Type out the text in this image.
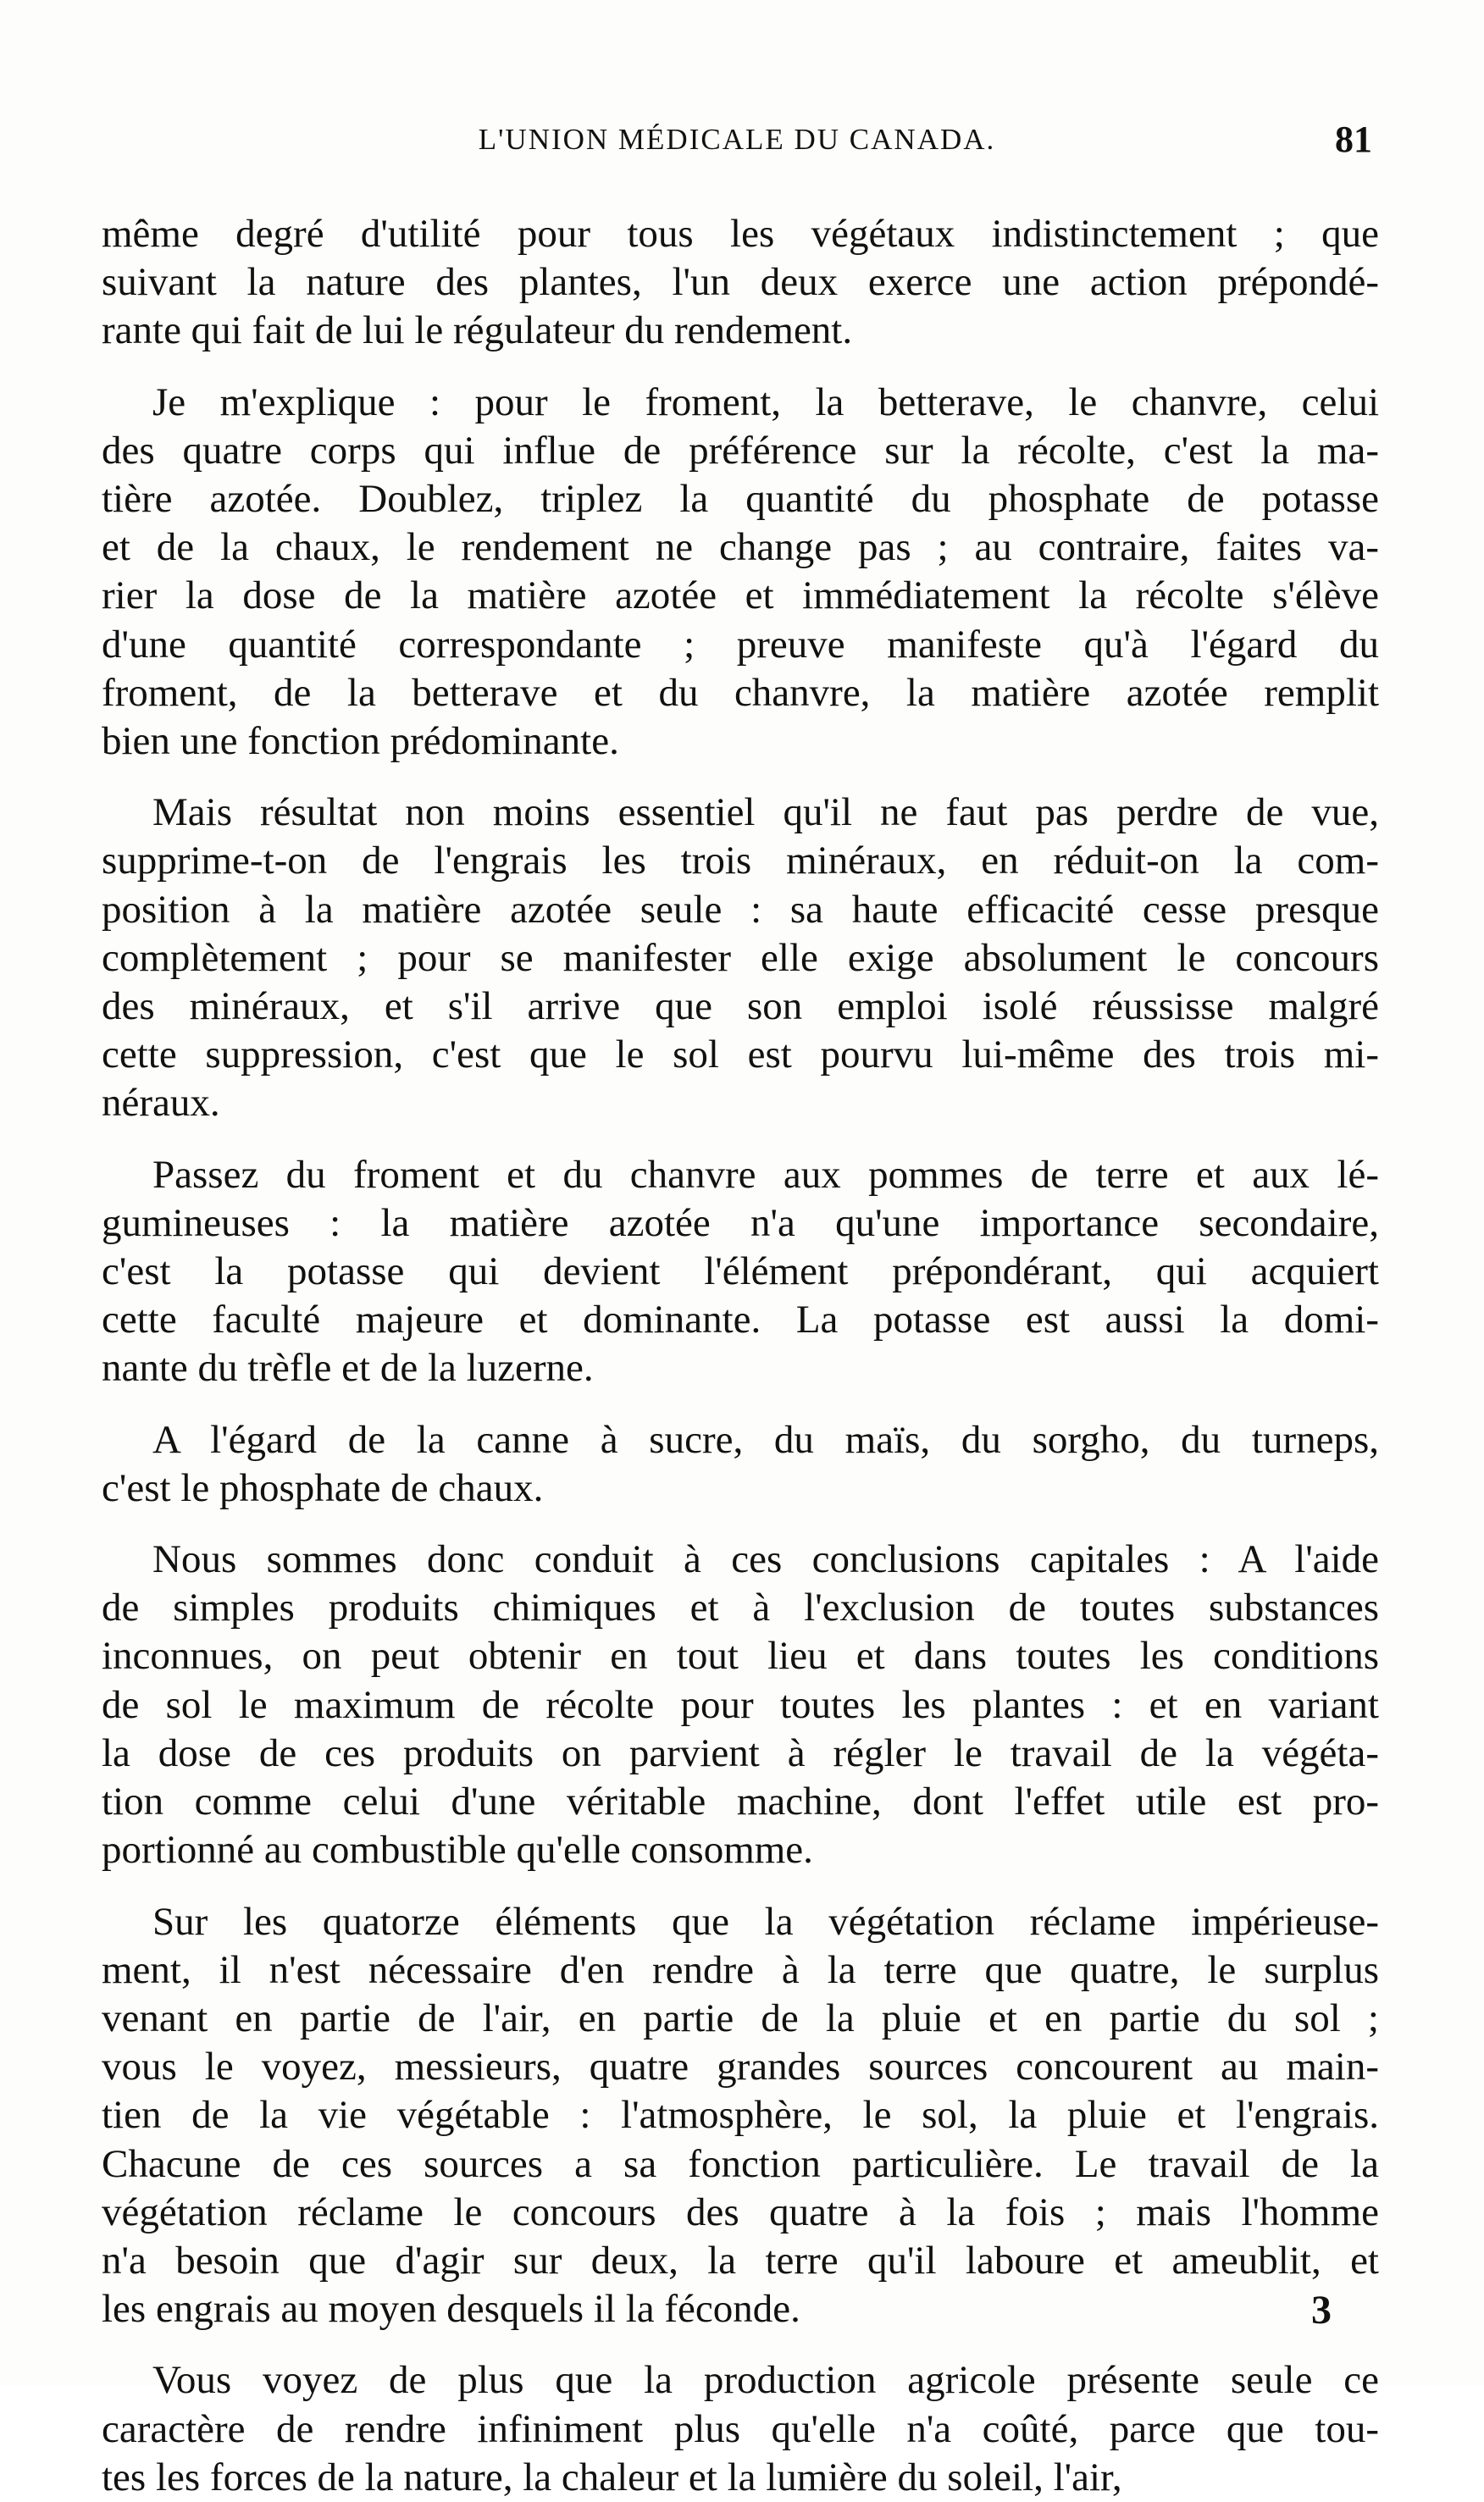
L'UNION MÉDICALE DU CANADA.	81

même degré d'utilité pour tous les végétaux indistinctement ; que
suivant la nature des plantes, l'un deux exerce une action prépondé-
rante qui fait de lui le régulateur du rendement.

Je m'explique : pour le froment, la betterave, le chanvre, celui
des quatre corps qui influe de préférence sur la récolte, c'est la ma-
tière azotée. Doublez, triplez la quantité du phosphate de potasse
et de la chaux, le rendement ne change pas ; au contraire, faites va-
rier la dose de la matière azotée et immédiatement la récolte s'élève
d'une quantité correspondante ; preuve manifeste qu'à l'égard du
froment, de la betterave et du chanvre, la matière azotée remplit
bien une fonction prédominante.

Mais résultat non moins essentiel qu'il ne faut pas perdre de vue,
supprime-t-on de l'engrais les trois minéraux, en réduit-on la com-
position à la matière azotée seule : sa haute efficacité cesse presque
complètement ; pour se manifester elle exige absolument le concours
des minéraux, et s'il arrive que son emploi isolé réussisse malgré
cette suppression, c'est que le sol est pourvu lui-même des trois mi-
néraux.

Passez du froment et du chanvre aux pommes de terre et aux lé-
gumineuses : la matière azotée n'a qu'une importance secondaire,
c'est la potasse qui devient l'élément prépondérant, qui acquiert
cette faculté majeure et dominante. La potasse est aussi la domi-
nante du trèfle et de la luzerne.

A l'égard de la canne à sucre, du maïs, du sorgho, du turneps,
c'est le phosphate de chaux.

Nous sommes donc conduit à ces conclusions capitales : A l'aide
de simples produits chimiques et à l'exclusion de toutes substances
inconnues, on peut obtenir en tout lieu et dans toutes les conditions
de sol le maximum de récolte pour toutes les plantes : et en variant
la dose de ces produits on parvient à régler le travail de la végéta-
tion comme celui d'une véritable machine, dont l'effet utile est pro-
portionné au combustible qu'elle consomme.

Sur les quatorze éléments que la végétation réclame impérieuse-
ment, il n'est nécessaire d'en rendre à la terre que quatre, le surplus
venant en partie de l'air, en partie de la pluie et en partie du sol ;
vous le voyez, messieurs, quatre grandes sources concourent au main-
tien de la vie végétable : l'atmosphère, le sol, la pluie et l'engrais.
Chacune de ces sources a sa fonction particulière. Le travail de la
végétation réclame le concours des quatre à la fois ; mais l'homme
n'a besoin que d'agir sur deux, la terre qu'il laboure et ameublit, et
les engrais au moyen desquels il la féconde.

Vous voyez de plus que la production agricole présente seule ce
caractère de rendre infiniment plus qu'elle n'a coûté, parce que tou-
tes les forces de la nature, la chaleur et la lumière du soleil, l'air,

3
